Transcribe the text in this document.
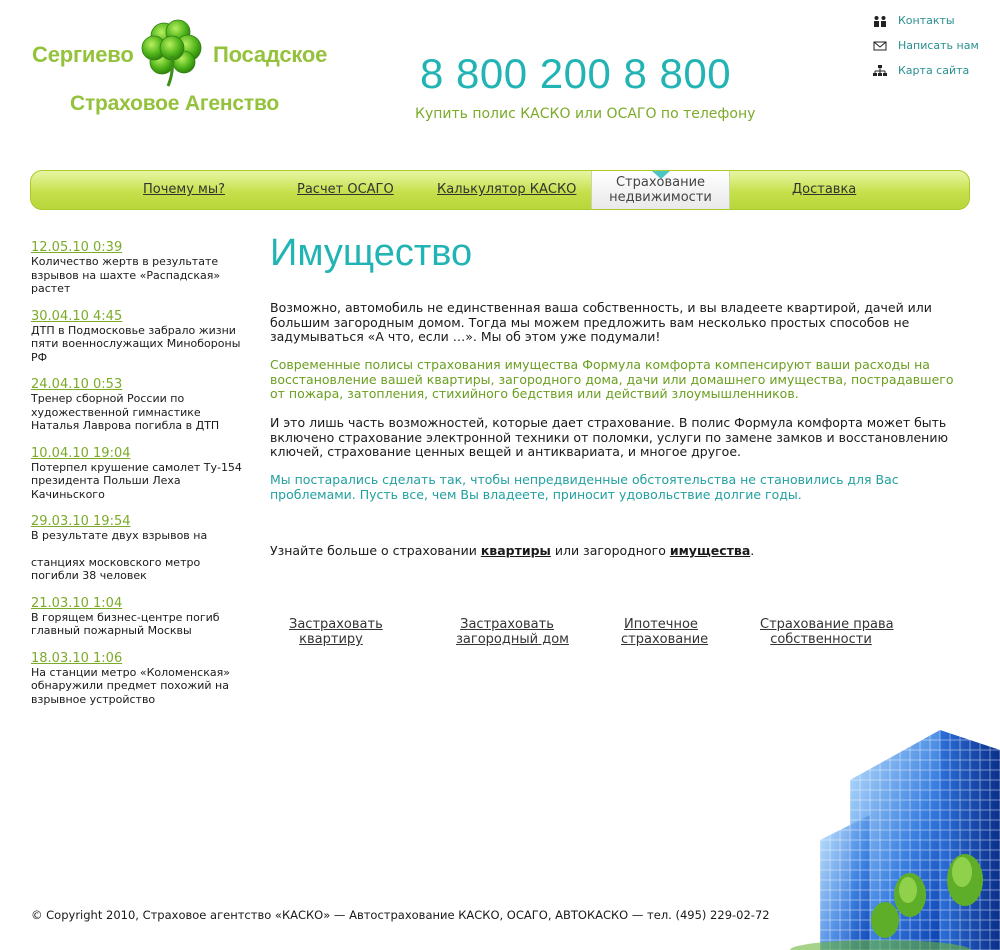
Сергиево	Посадское
Страховое Агенство
8 800 200 8 800
Купить полис КАСКО или ОСАГО по телефону
Контакты
Написать нам
Карта сайта
Почему мы?	Расчет ОСАГО	Калькулятор КАСКО	Страхование
недвижимости
Доставка
12.05.10 0:39
Количество жертв в результате взрывов на шахте «Распадская» растет
30.04.10 4:45
ДТП в Подмосковье забрало жизни пяти военнослужащих Минобороны РФ
24.04.10 0:53
Тренер сборной России по художественной гимнастике Наталья Лаврова погибла в ДТП
10.04.10 19:04
Потерпел крушение самолет Ту-154 президента Польши Леха Качиньского
29.03.10 19:54
В результате двух взрывов на
станциях московского метро погибли 38 человек
21.03.10 1:04
В горящем бизнес-центре погиб главный пожарный Москвы
18.03.10 1:06
На станции метро «Коломенская» обнаружили предмет похожий на взрывное устройство
Имущество

Возможно, автомобиль не единственная ваша собственность, и вы владеете квартирой, дачей или большим загородным домом. Тогда мы можем предложить вам несколько простых способов не задумываться «А что, если …». Мы об этом уже подумали!

Современные полисы страхования имущества Формула комфорта компенсируют ваши расходы на восстановление вашей квартиры, загородного дома, дачи или домашнего имущества, пострадавшего от пожара, затопления, стихийного бедствия или действий злоумышленников.

И это лишь часть возможностей, которые дает страхование. В полис Формула комфорта может быть включено страхование электронной техники от поломки, услуги по замене замков и восстановлению ключей, страхование ценных вещей и антиквариата, и многое другое.

Мы постарались сделать так, чтобы непредвиденные обстоятельства не становились для Вас проблемами. Пусть все, чем Вы владеете, приносит удовольствие долгие годы.

Узнайте больше о страховании квартиры или загородного имущества.

Застраховать
квартиру
Застраховать
загородный дом
Ипотечное
страхование
Страхование права
собственности
© Copyright 2010, Страховое агентство «КАСКО» — Автострахование КАСКО, ОСАГО, АВТОКАСКО — тел. (495) 229-02-72
